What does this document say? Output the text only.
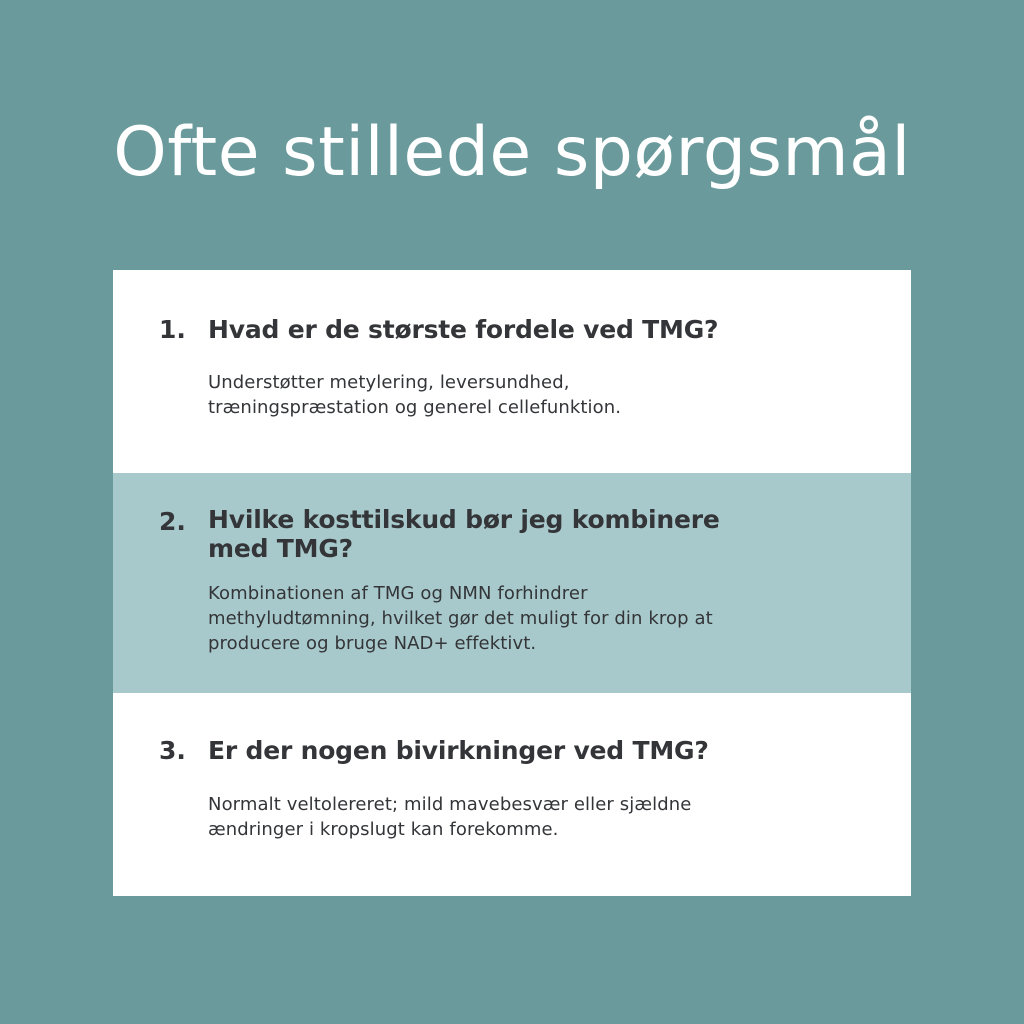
Ofte stillede spørgsmål
1. Hvad er de største fordele ved TMG?
Understøtter metylering, leversundhed,
træningspræstation og generel cellefunktion.
2. Hvilke kosttilskud bør jeg kombinere
med TMG?
Kombinationen af TMG og NMN forhindrer
methyludtømning, hvilket gør det muligt for din krop at
producere og bruge NAD+ effektivt.
3. Er der nogen bivirkninger ved TMG?
Normalt veltolereret; mild mavebesvær eller sjældne
ændringer i kropslugt kan forekomme.
